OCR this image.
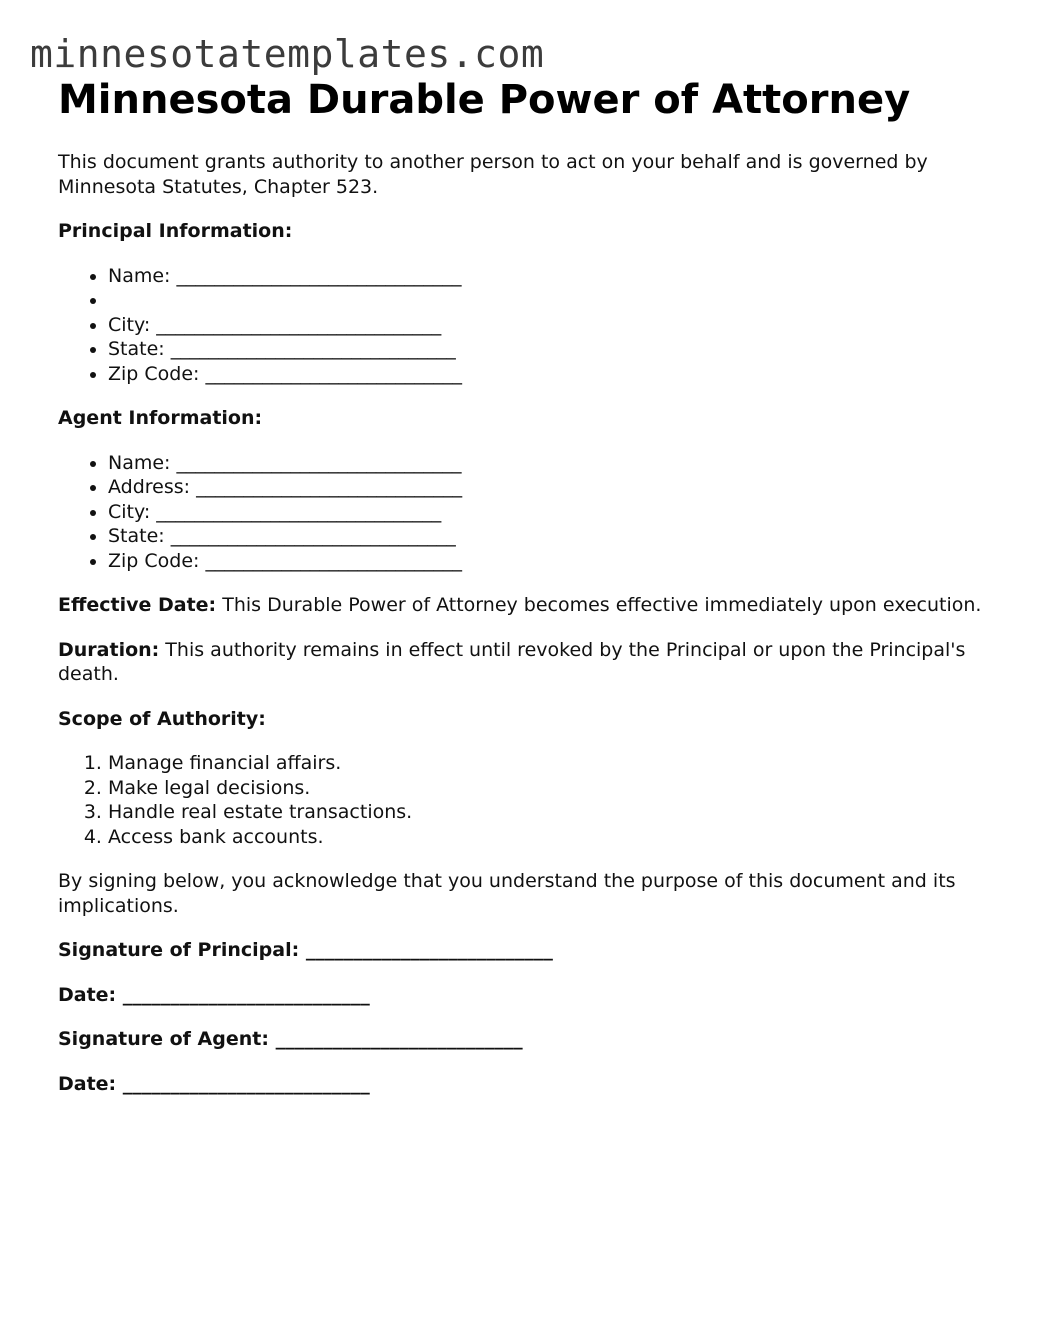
minnesotatemplates.com
Minnesota Durable Power of Attorney

This document grants authority to another person to act on your behalf and is governed by Minnesota Statutes, Chapter 523.

Principal Information:

• Name: ______________________________
•
• City: ______________________________
• State: ______________________________
• Zip Code: ___________________________

Agent Information:

• Name: ______________________________
• Address: ____________________________
• City: ______________________________
• State: ______________________________
• Zip Code: ___________________________

Effective Date: This Durable Power of Attorney becomes effective immediately upon execution.

Duration: This authority remains in effect until revoked by the Principal or upon the Principal's death.

Scope of Authority:

1. Manage financial affairs.
2. Make legal decisions.
3. Handle real estate transactions.
4. Access bank accounts.

By signing below, you acknowledge that you understand the purpose of this document and its implications.

Signature of Principal: __________________________

Date: __________________________

Signature of Agent: __________________________

Date: __________________________
